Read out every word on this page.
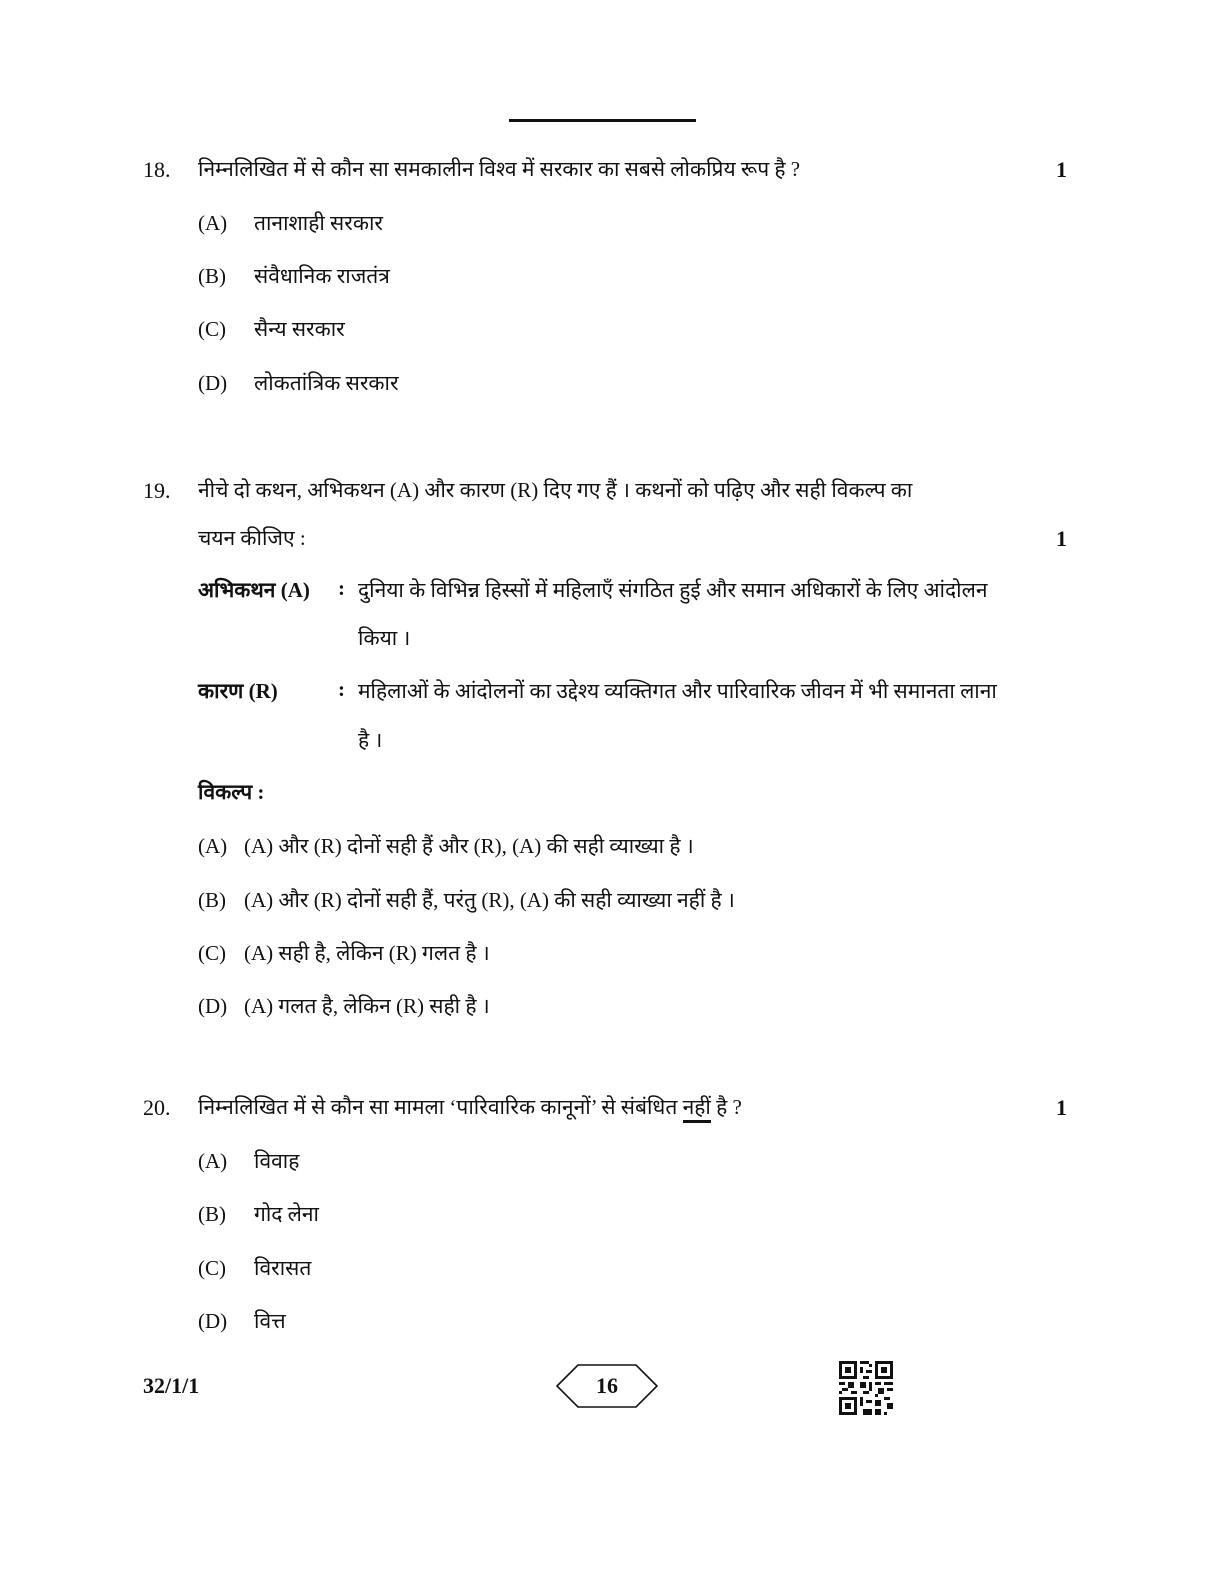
18. निम्नलिखित में से कौन सा समकालीन विश्व में सरकार का सबसे लोकप्रिय रूप है ?	1
(A) तानाशाही सरकार
(B) संवैधानिक राजतंत्र
(C) सैन्य सरकार
(D) लोकतांत्रिक सरकार
19. नीचे दो कथन, अभिकथन (A) और कारण (R) दिए गए हैं । कथनों को पढ़िए और सही विकल्प का
चयन कीजिए :	1
अभिकथन (A) : दुनिया के विभिन्न हिस्सों में महिलाएँ संगठित हुई और समान अधिकारों के लिए आंदोलन
किया ।
कारण (R)	: महिलाओं के आंदोलनों का उद्देश्य व्यक्तिगत और पारिवारिक जीवन में भी समानता लाना
है ।
विकल्प :
(A) (A) और (R) दोनों सही हैं और (R), (A) की सही व्याख्या है ।
(B) (A) और (R) दोनों सही हैं, परंतु (R), (A) की सही व्याख्या नहीं है ।
(C) (A) सही है, लेकिन (R) गलत है ।
(D) (A) गलत है, लेकिन (R) सही है ।
20. निम्नलिखित में से कौन सा मामला ‘पारिवारिक कानूनों’ से संबंधित नहीं है ?	1
(A) विवाह
(B) गोद लेना
(C) विरासत
(D) वित्त
32/1/1	16
